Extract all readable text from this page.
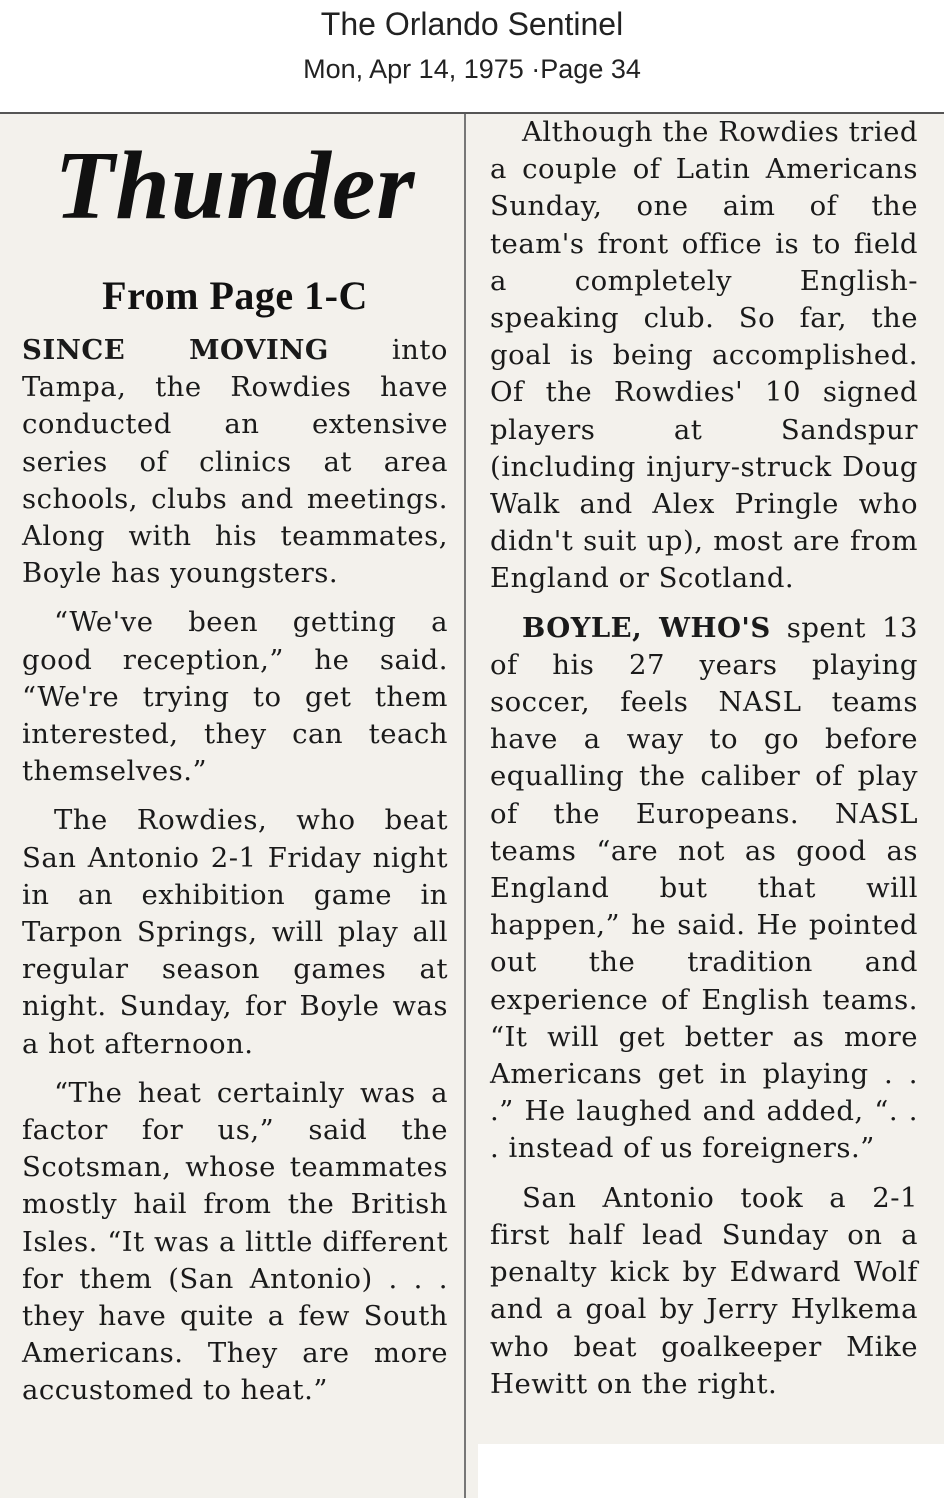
The Orlando Sentinel
Mon, Apr 14, 1975 ·Page 34
Thunder
From Page 1-C

SINCE MOVING into Tampa, the Rowdies have conducted an extensive series of clinics at area schools, clubs and meetings. Along with his teammates, Boyle has youngsters.

“We've been getting a good reception,” he said. “We're trying to get them interested, they can teach themselves.”

The Rowdies, who beat San Antonio 2-1 Friday night in an exhibition game in Tarpon Springs, will play all regular season games at night. Sunday, for Boyle was a hot afternoon.

“The heat certainly was a factor for us,” said the Scotsman, whose teammates mostly hail from the British Isles. “It was a little different for them (San Antonio) . . . they have quite a few South Americans. They are more accustomed to heat.”

Although the Rowdies tried a couple of Latin Americans Sunday, one aim of the team's front office is to field a completely English-speaking club. So far, the goal is being accomplished. Of the Rowdies' 10 signed players at Sandspur (including injury-struck Doug Walk and Alex Pringle who didn't suit up), most are from England or Scotland.

BOYLE, WHO'S spent 13 of his 27 years playing soccer, feels NASL teams have a way to go before equalling the caliber of play of the Europeans. NASL teams “are not as good as England but that will happen,” he said. He pointed out the tradition and experience of English teams. “It will get better as more Americans get in playing . . .” He laughed and added, “. . . instead of us foreigners.”

San Antonio took a 2-1 first half lead Sunday on a penalty kick by Edward Wolf and a goal by Jerry Hylkema who beat goalkeeper Mike Hewitt on the right.
